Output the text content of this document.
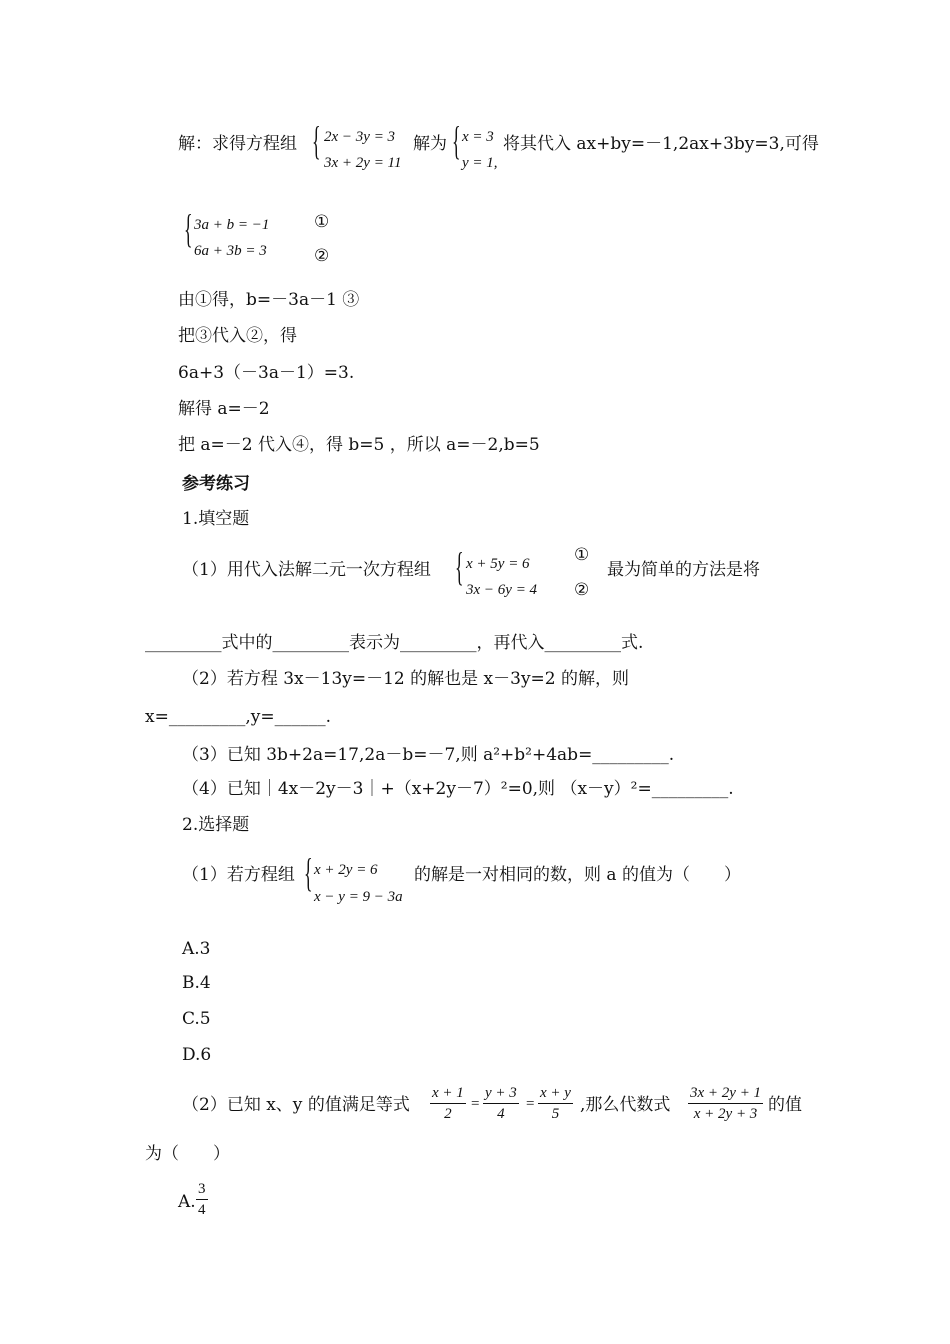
解：求得方程组 { 2x − 3y = 3
3x + 2y = 11
解为 { x = 3
y = 1,
将其代入 ax+by=－1,2ax+3by=3,可得
{ 3a + b = −1
6a + 3b = 3
①
②
由①得，b=－3a－1 ③
把③代入②，得
6a+3（－3a－1）=3.
解得 a=－2
把 a=－2 代入④，得 b=5 ，所以 a=－2,b=5
参考练习
1.填空题
（1）用代入法解二元一次方程组 { x + 5y = 6
3x − 6y = 4
①
②
最为简单的方法是将
_________式中的_________表示为_________，再代入_________式.
（2）若方程 3x－13y=－12 的解也是 x－3y=2 的解，则
x=_________,y=______.
（3）已知 3b+2a=17,2a－b=－7,则 a²+b²+4ab=_________.
（4）已知｜4x－2y－3｜+（x+2y－7）²=0,则 （x－y）²=_________.
2.选择题
（1）若方程组 { x + 2y = 6
x − y = 9 − 3a
的解是一对相同的数，则 a 的值为（　　）
A.3
B.4
C.5
D.6
（2）已知 x、y 的值满足等式 $\frac{x + 1}{2} = \frac{y + 3}{4} = \frac{x + y}{5}$ ,那么代数式 $\frac{3x + 2y + 1}{x + 2y + 3}$ 的值
为（　　）
A. $\frac{3}{4}$
